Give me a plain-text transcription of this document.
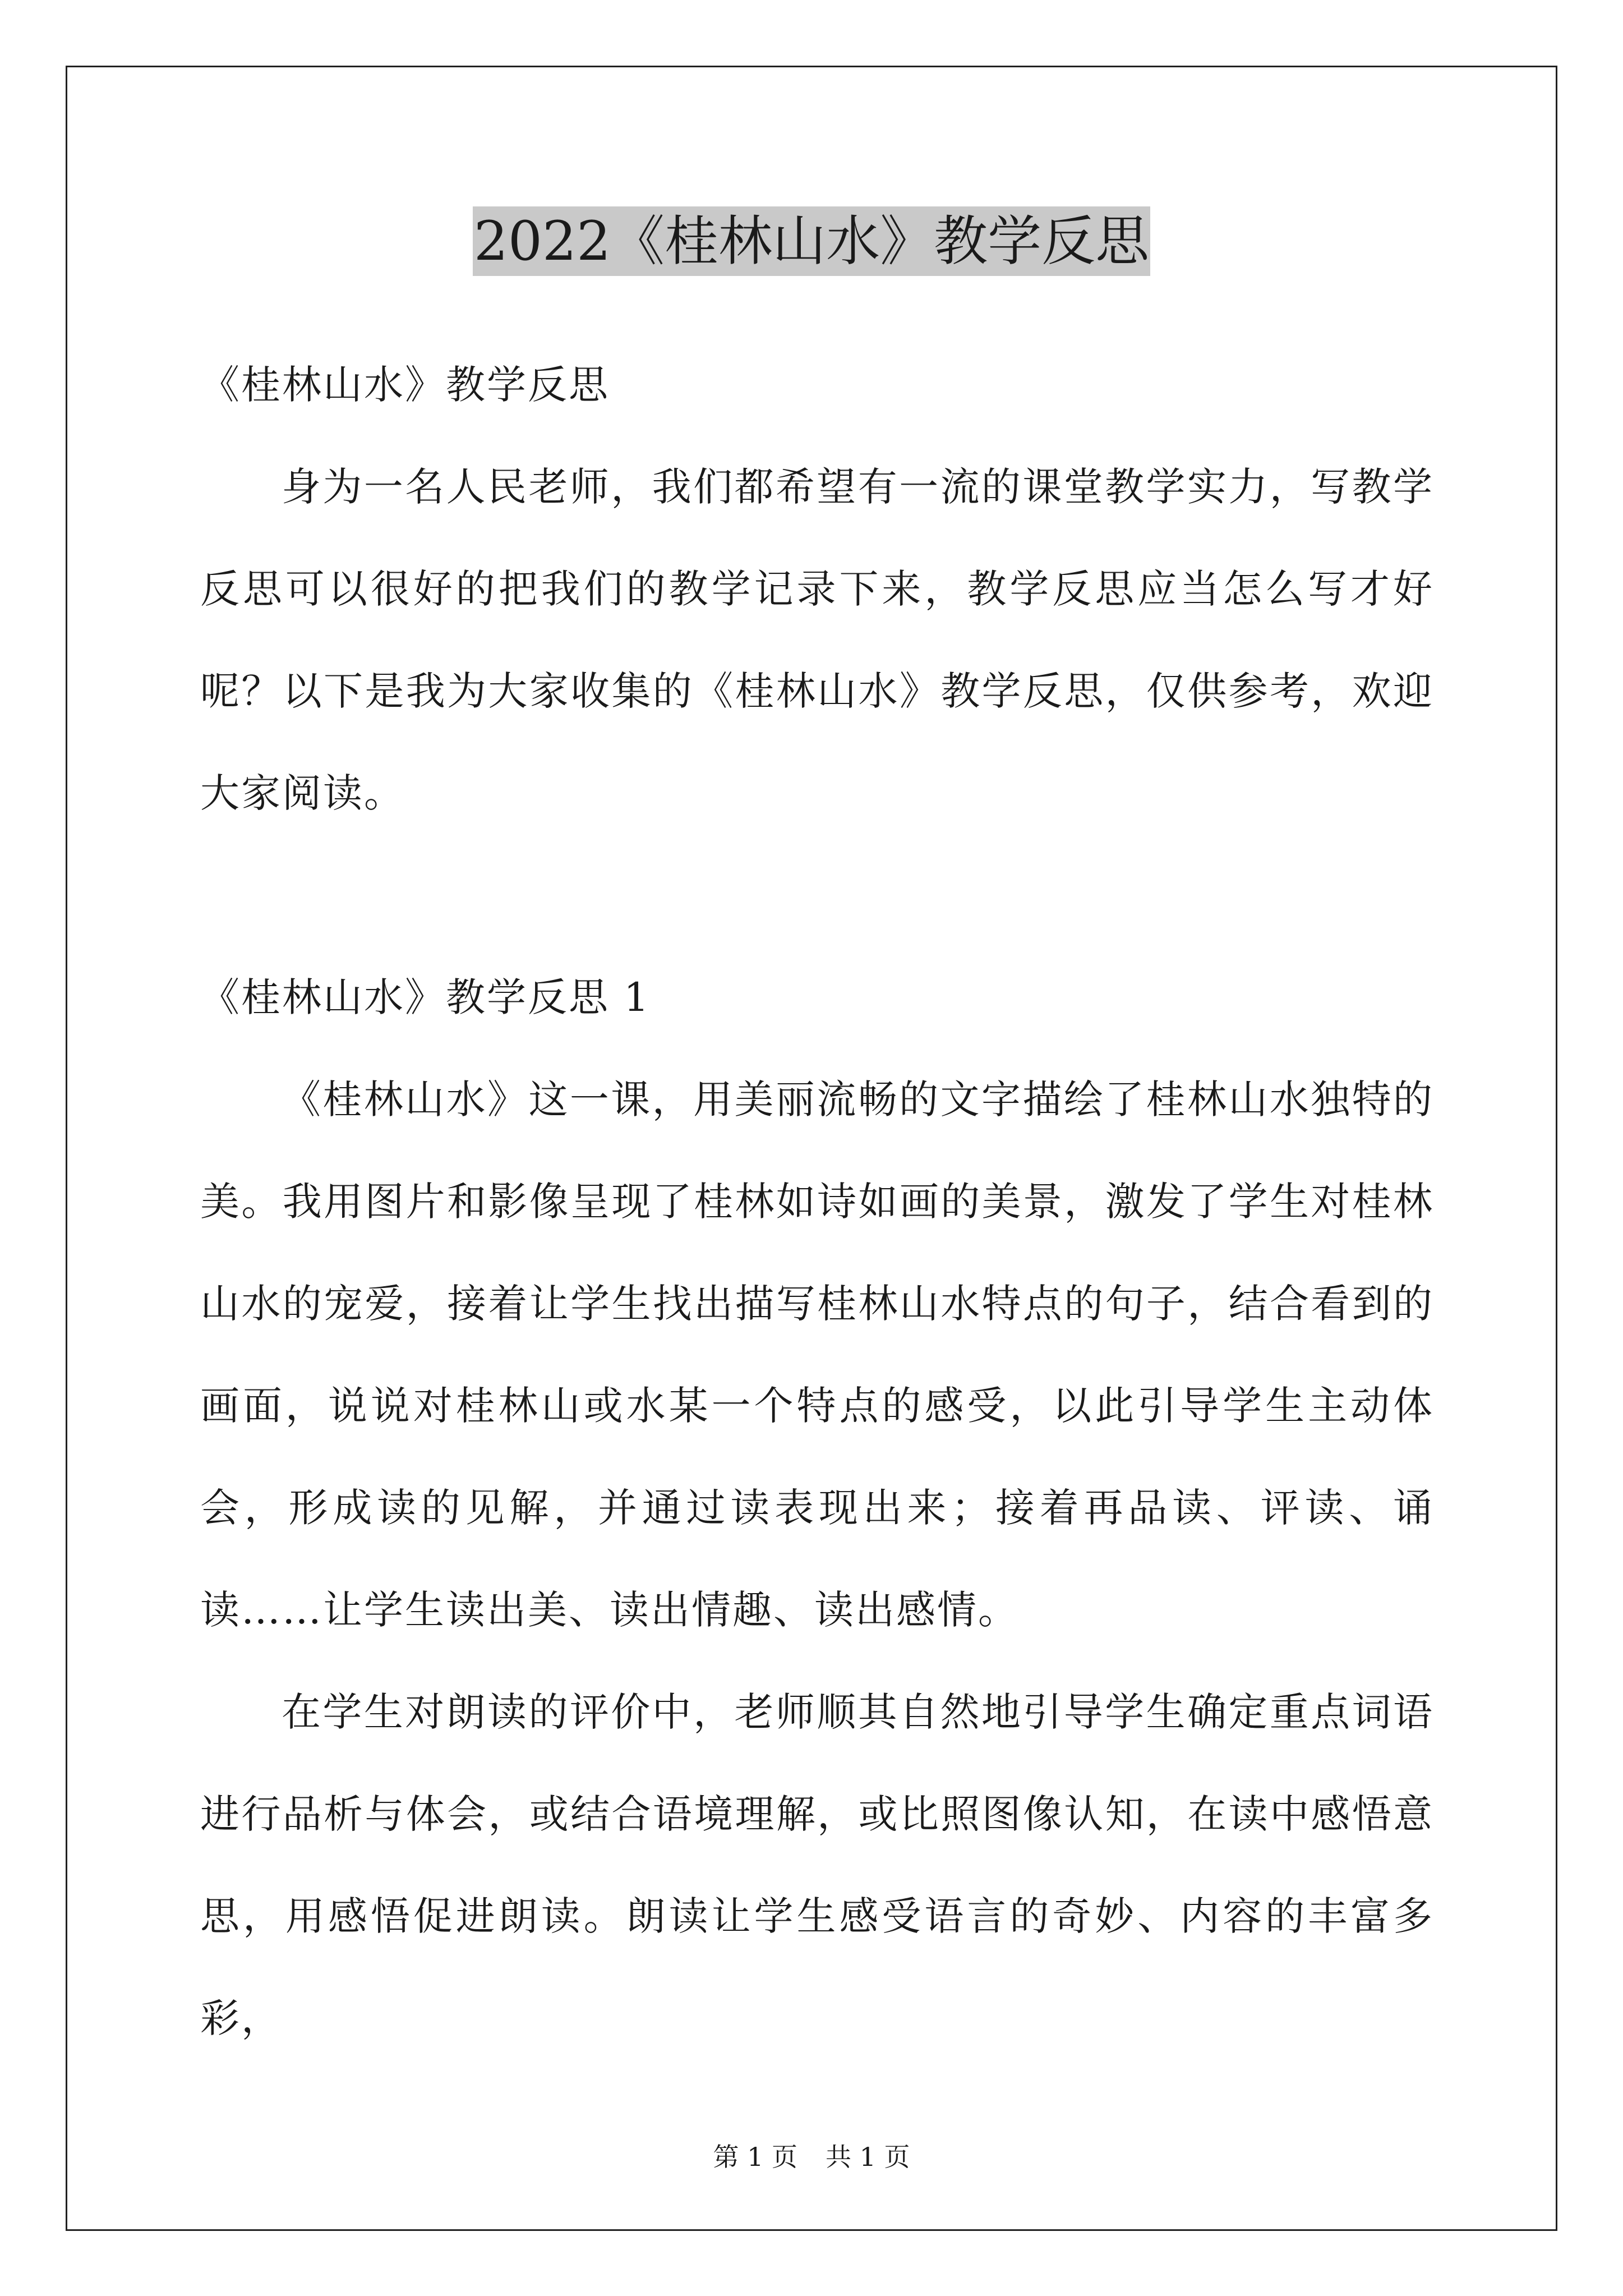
2022《桂林山水》教学反思

《桂林山水》教学反思

身为一名人民老师，我们都希望有一流的课堂教学实力，写教学反思可以很好的把我们的教学记录下来，教学反思应当怎么写才好呢？以下是我为大家收集的《桂林山水》教学反思，仅供参考，欢迎大家阅读。

《桂林山水》教学反思 1

《桂林山水》这一课，用美丽流畅的文字描绘了桂林山水独特的美。我用图片和影像呈现了桂林如诗如画的美景，激发了学生对桂林山水的宠爱，接着让学生找出描写桂林山水特点的句子，结合看到的画面，说说对桂林山或水某一个特点的感受，以此引导学生主动体会，形成读的见解，并通过读表现出来；接着再品读、评读、诵读……让学生读出美、读出情趣、读出感情。

在学生对朗读的评价中，老师顺其自然地引导学生确定重点词语进行品析与体会，或结合语境理解，或比照图像认知，在读中感悟意思，用感悟促进朗读。朗读让学生感受语言的奇妙、内容的丰富多彩，

第 1 页 共 1 页
